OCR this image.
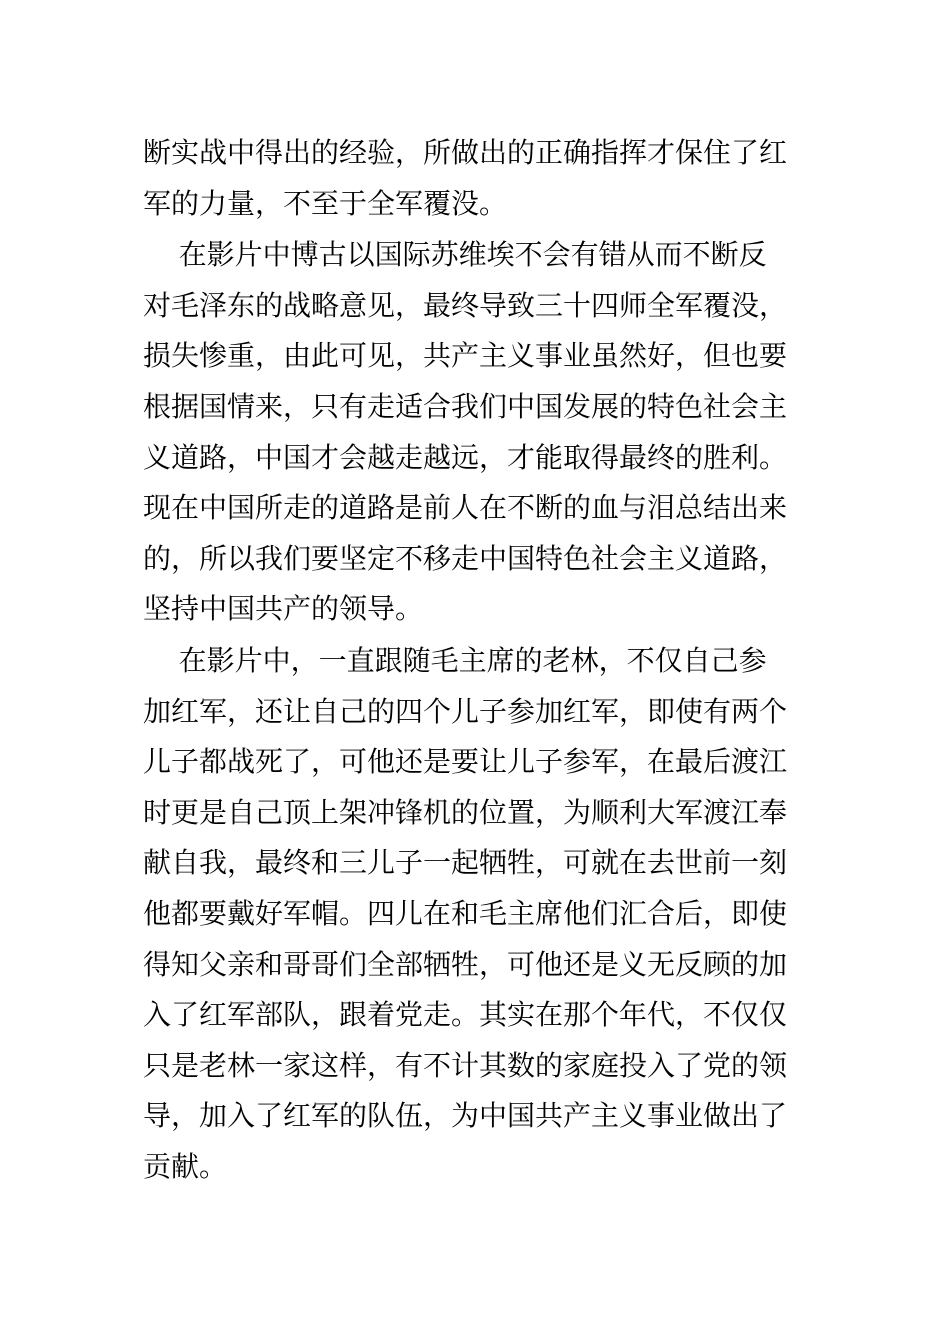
断实战中得出的经验，所做出的正确指挥才保住了红
军的力量，不至于全军覆没。
在影片中博古以国际苏维埃不会有错从而不断反
对毛泽东的战略意见，最终导致三十四师全军覆没，
损失惨重，由此可见，共产主义事业虽然好，但也要
根据国情来，只有走适合我们中国发展的特色社会主
义道路，中国才会越走越远，才能取得最终的胜利。
现在中国所走的道路是前人在不断的血与泪总结出来
的，所以我们要坚定不移走中国特色社会主义道路，
坚持中国共产的领导。
在影片中，一直跟随毛主席的老林，不仅自己参
加红军，还让自己的四个儿子参加红军，即使有两个
儿子都战死了，可他还是要让儿子参军，在最后渡江
时更是自己顶上架冲锋机的位置，为顺利大军渡江奉
献自我，最终和三儿子一起牺牲，可就在去世前一刻
他都要戴好军帽。四儿在和毛主席他们汇合后，即使
得知父亲和哥哥们全部牺牲，可他还是义无反顾的加
入了红军部队，跟着党走。其实在那个年代，不仅仅
只是老林一家这样，有不计其数的家庭投入了党的领
导，加入了红军的队伍，为中国共产主义事业做出了
贡献。
